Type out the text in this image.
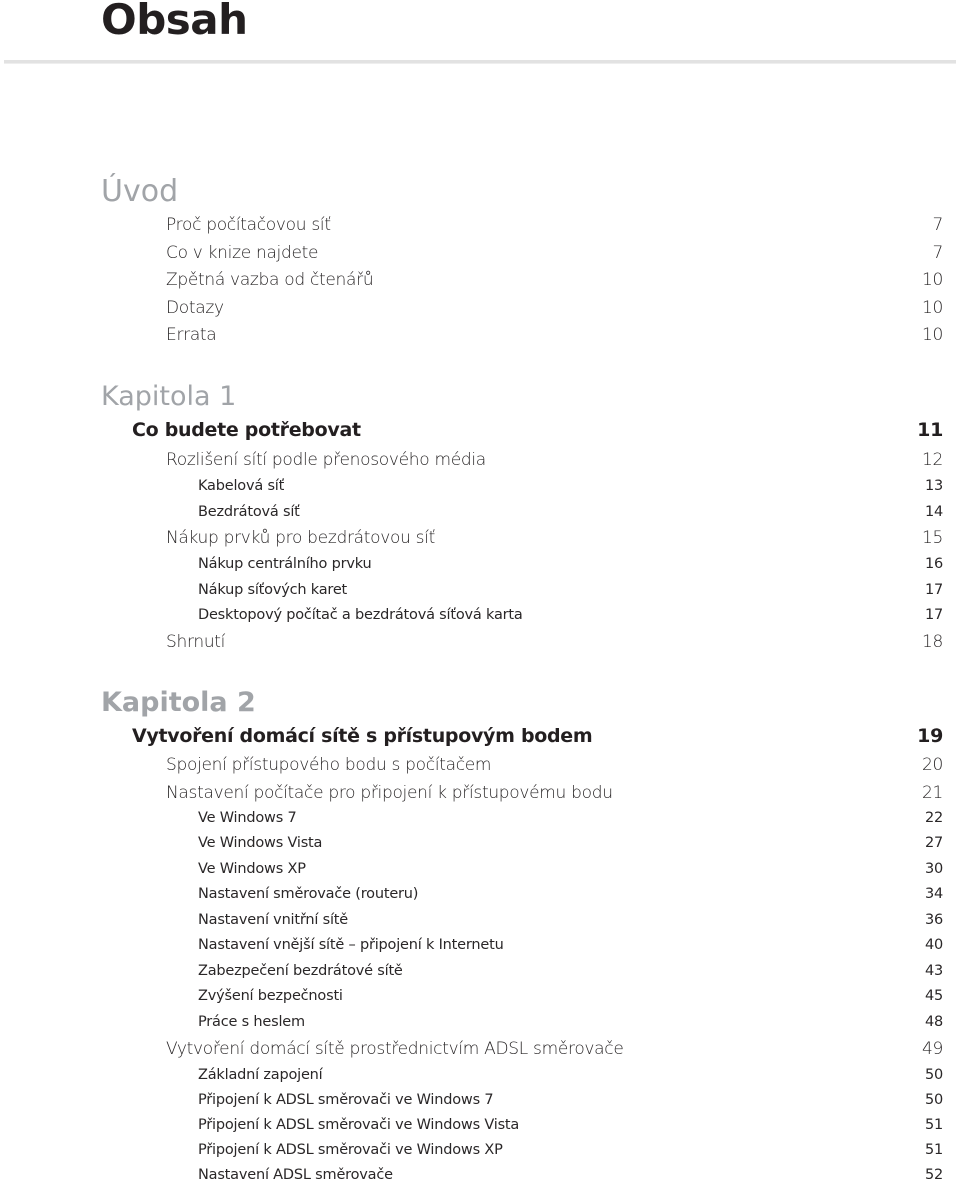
Obsah
Úvod
Proč počítačovou síť	7
Co v knize najdete	7
Zpětná vazba od čtenářů	10
Dotazy	10
Errata	10
Kapitola 1
Co budete potřebovat	11
Rozlišení sítí podle přenosového média	12
Kabelová síť	13
Bezdrátová síť	14
Nákup prvků pro bezdrátovou síť	15
Nákup centrálního prvku	16
Nákup síťových karet	17
Desktopový počítač a bezdrátová síťová karta	17
Shrnutí	18
Kapitola 2
Vytvoření domácí sítě s přístupovým bodem	19
Spojení přístupového bodu s počítačem	20
Nastavení počítače pro připojení k přístupovému bodu	21
Ve Windows 7	22
Ve Windows Vista	27
Ve Windows XP	30
Nastavení směrovače (routeru)	34
Nastavení vnitřní sítě	36
Nastavení vnější sítě – připojení k Internetu	40
Zabezpečení bezdrátové sítě	43
Zvýšení bezpečnosti	45
Práce s heslem	48
Vytvoření domácí sítě prostřednictvím ADSL směrovače	49
Základní zapojení	50
Připojení k ADSL směrovači ve Windows 7	50
Připojení k ADSL směrovači ve Windows Vista	51
Připojení k ADSL směrovači ve Windows XP	51
Nastavení ADSL směrovače	52
